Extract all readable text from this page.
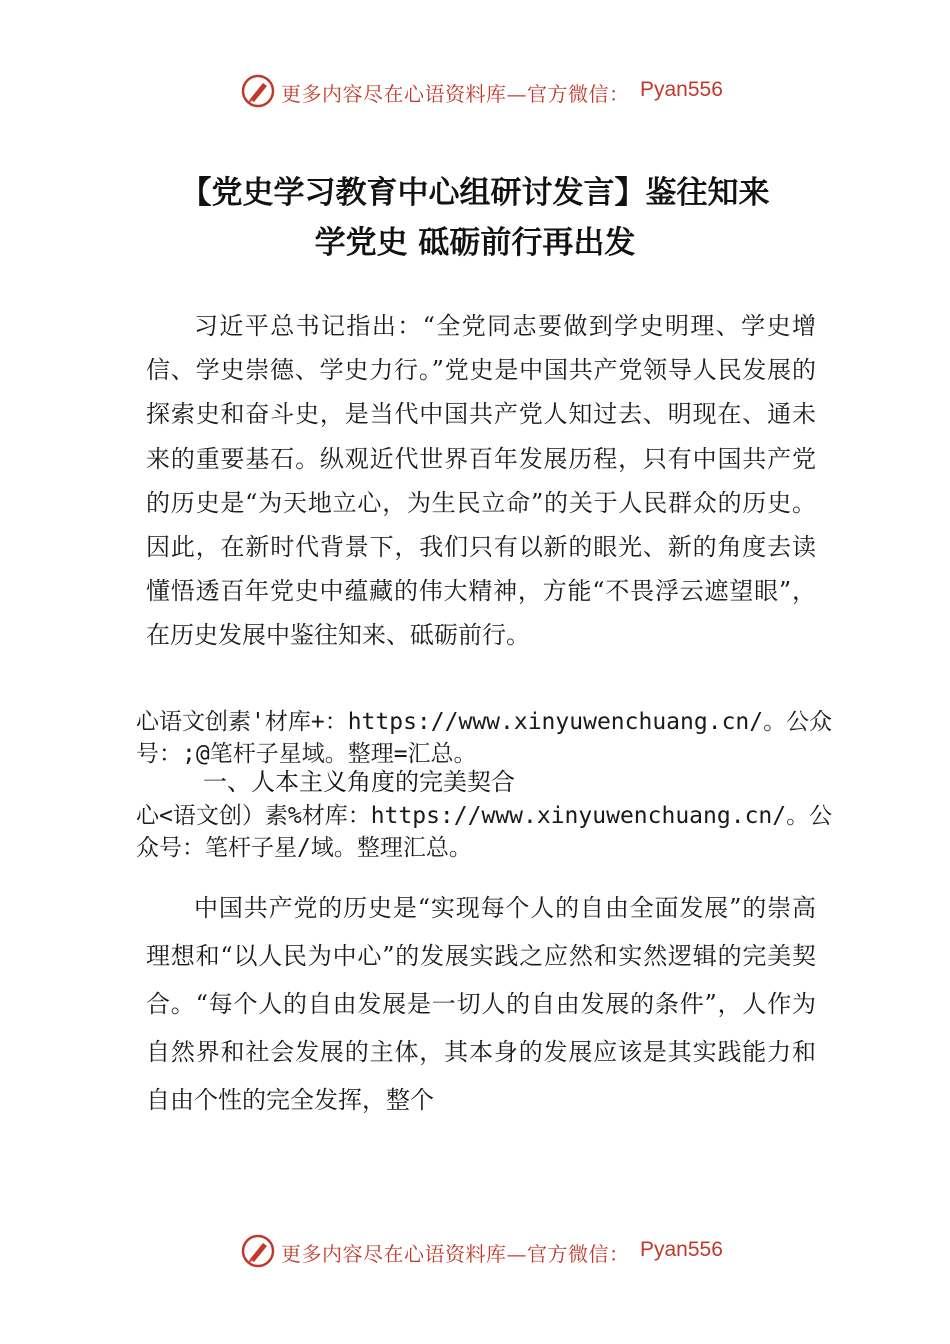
更多内容尽在心语资料库—官方微信： Pyan556
【党史学习教育中心组研讨发言】鉴往知来
学党史 砥砺前行再出发

习近平总书记指出：“全党同志要做到学史明理、学史增信、学史崇德、学史力行。”党史是中国共产党领导人民发展的探索史和奋斗史，是当代中国共产党人知过去、明现在、通未来的重要基石。纵观近代世界百年发展历程，只有中国共产党的历史是“为天地立心，为生民立命”的关于人民群众的历史。因此，在新时代背景下，我们只有以新的眼光、新的角度去读懂悟透百年党史中蕴藏的伟大精神，方能“不畏浮云遮望眼”，在历史发展中鉴往知来、砥砺前行。

心语文创素'材库+：https://www.xinyuwenchuang.cn/。公众号：;@笔杆子星域。整理=汇总。
一、人本主义角度的完美契合
心<语文创）素%材库：https://www.xinyuwenchuang.cn/。公众号：笔杆子星/域。整理汇总。

中国共产党的历史是“实现每个人的自由全面发展”的崇高理想和“以人民为中心”的发展实践之应然和实然逻辑的完美契合。“每个人的自由发展是一切人的自由发展的条件”，人作为自然界和社会发展的主体，其本身的发展应该是其实践能力和自由个性的完全发挥，整个

更多内容尽在心语资料库—官方微信： Pyan556
